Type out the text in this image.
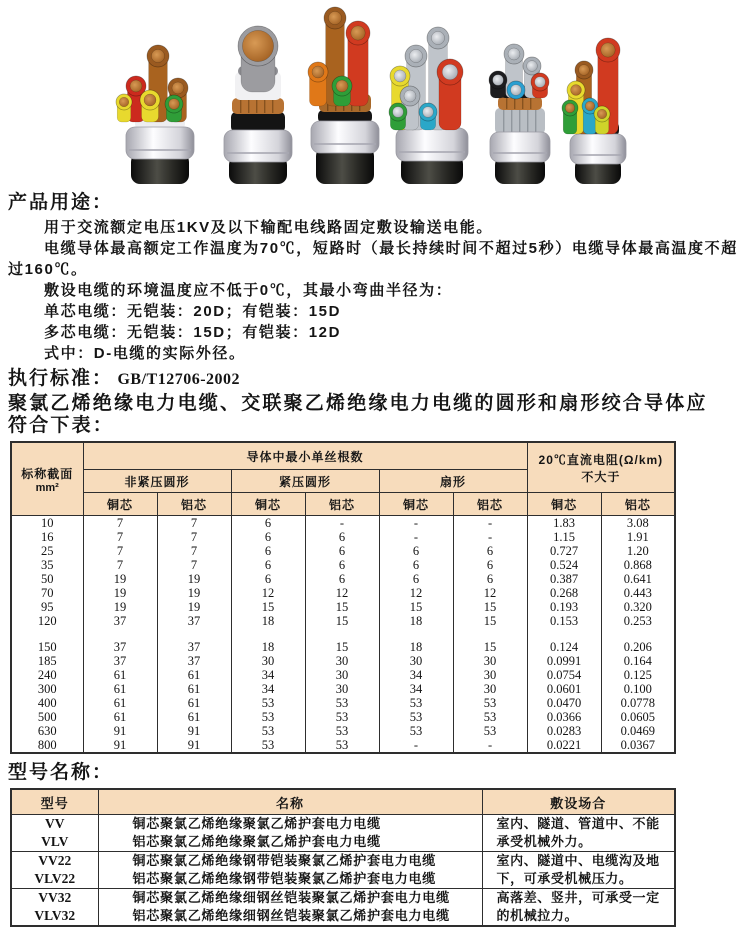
产品用途：

用于交流额定电压1KV及以下输配电线路固定敷设输送电能。

电缆导体最高额定工作温度为70℃，短路时（最长持续时间不超过5秒）电缆导体最高温度不超

过160℃。

敷设电缆的环境温度应不低于0℃，其最小弯曲半径为：

单芯电缆：无铠装：20D；有铠装：15D

多芯电缆：无铠装：15D；有铠装：12D

式中：D-电缆的实际外径。

执行标准： GB/T12706-2002

聚氯乙烯绝缘电力电缆、交联聚乙烯绝缘电力电缆的圆形和扇形绞合导体应

符合下表：

标称截面
mm²
	导体中最小单丝根数	20℃直流电阻(Ω/km)
不大于

	非紧压圆形		紧压圆形		扇形			
	铜芯	铝芯	铜芯	铝芯	铜芯	铝芯	铜芯	铝芯
10	7	7	6	-	-	-	1.83	3.08
16	7	7	6	6	-	-	1.15	1.91
25	7	7	6	6	6	6	0.727	1.20
35	7	7	6	6	6	6	0.524	0.868
50	19	19	6	6	6	6	0.387	0.641
70	19	19	12	12	12	12	0.268	0.443
95	19	19	15	15	15	15	0.193	0.320
120	37	37	18	15	18	15	0.153	0.253

150	37	37	18	15	18	15	0.124	0.206
185	37	37	30	30	30	30	0.0991	0.164
240	61	61	34	30	34	30	0.0754	0.125
300	61	61	34	30	34	30	0.0601	0.100
400	61	61	53	53	53	53	0.0470	0.0778
500	61	61	53	53	53	53	0.0366	0.0605
630	91	91	53	53	53	53	0.0283	0.0469
800	91	91	53	53	-	-	0.0221	0.0367
型号名称：
型号	名称	敷设场合
VV	铜芯聚氯乙烯绝缘聚氯乙烯护套电力电缆	室内、隧道、管道中、不能承受机械外力。
VLV	铝芯聚氯乙烯绝缘聚氯乙烯护套电力电缆	
VV22	铜芯聚氯乙烯绝缘钢带铠装聚氯乙烯护套电力电缆	室内、隧道中、电缆沟及地下，可承受机械压力。
VLV22	铝芯聚氯乙烯绝缘钢带铠装聚氯乙烯护套电力电缆	
VV32	铜芯聚氯乙烯绝缘细钢丝铠装聚氯乙烯护套电力电缆	高落差、竖井，可承受一定的机械拉力。
VLV32	铝芯聚氯乙烯绝缘细钢丝铠装聚氯乙烯护套电力电缆	
